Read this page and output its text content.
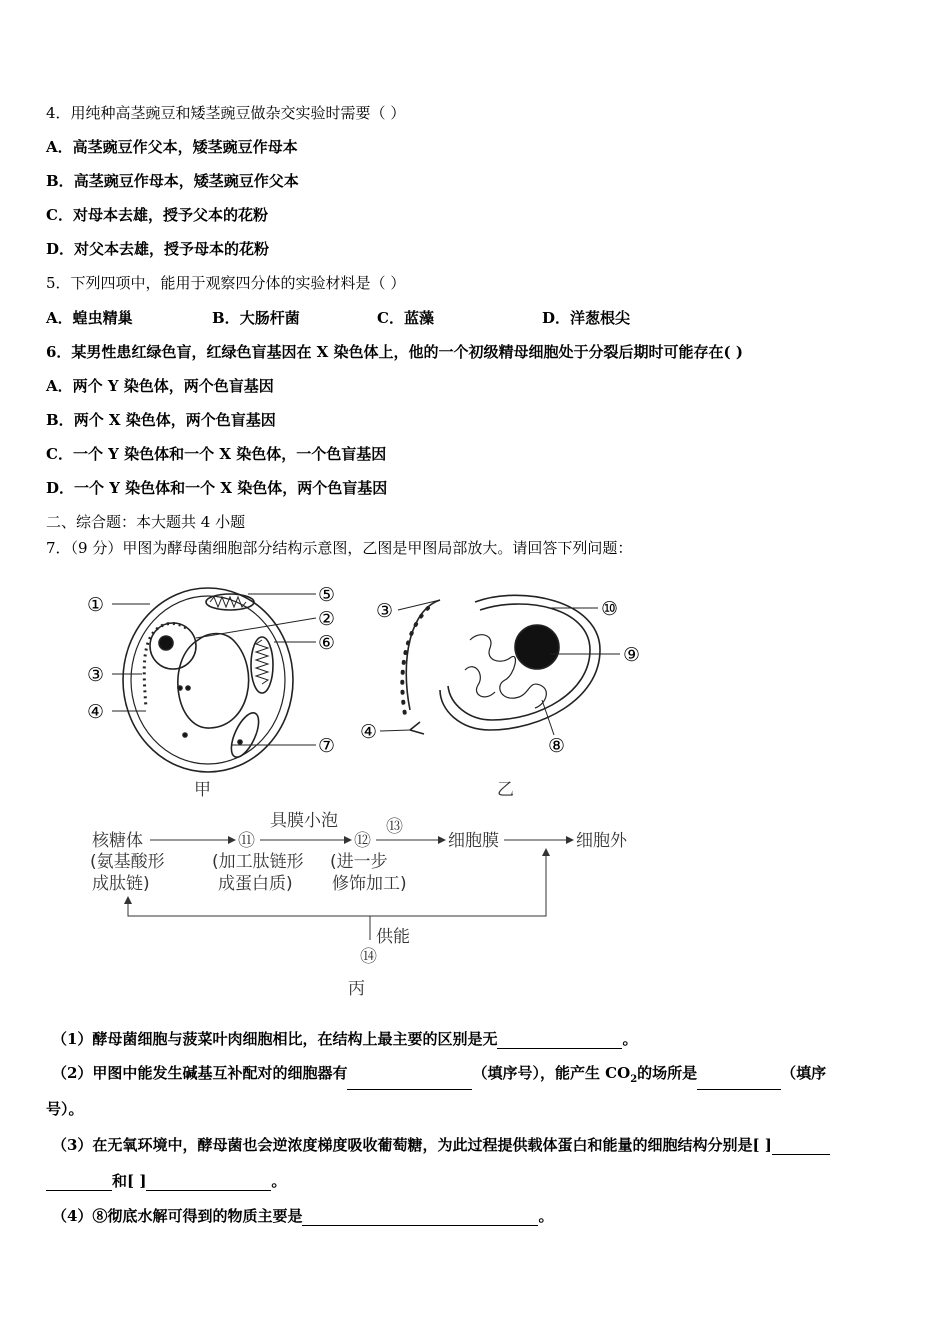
4．用纯种高茎豌豆和矮茎豌豆做杂交实验时需要（ ）
A．高茎豌豆作父本，矮茎豌豆作母本
B．高茎豌豆作母本，矮茎豌豆作父本
C．对母本去雄，授予父本的花粉
D．对父本去雄，授予母本的花粉
5．下列四项中，能用于观察四分体的实验材料是（ ）
A．蝗虫精巢	B．大肠杆菌	C．蓝藻	D．洋葱根尖
6．某男性患红绿色盲，红绿色盲基因在 X 染色体上，他的一个初级精母细胞处于分裂后期时可能存在( )
A．两个 Y 染色体，两个色盲基因
B．两个 X 染色体，两个色盲基因
C．一个 Y 染色体和一个 X 染色体，一个色盲基因
D．一个 Y 染色体和一个 X 染色体，两个色盲基因
二、综合题：本大题共 4 小题
7．（9 分）甲图为酵母菌细胞部分结构示意图，乙图是甲图局部放大。请回答下列问题：
①	⑤
②
⑥
③
④
⑦
甲
③	⑩
⑨
④
⑧
乙
核糖体
(氨基酸形
成肽链)
⑪
(加工肽链形
成蛋白质)
具膜小泡
⑫
(进一步
修饰加工)
⑬
细胞膜	细胞外
供能
⑭
丙
（1）酵母菌细胞与菠菜叶肉细胞相比，在结构上最主要的区别是无	。
（2）甲图中能发生碱基互补配对的细胞器有	（填序号），能产生 $CO_2$的场所是	（填序
号）。
（3）在无氧环境中，酵母菌也会逆浓度梯度吸收葡萄糖，为此过程提供载体蛋白和能量的细胞结构分别是[ ]
和[ ]	。
（4）⑧彻底水解可得到的物质主要是	。
